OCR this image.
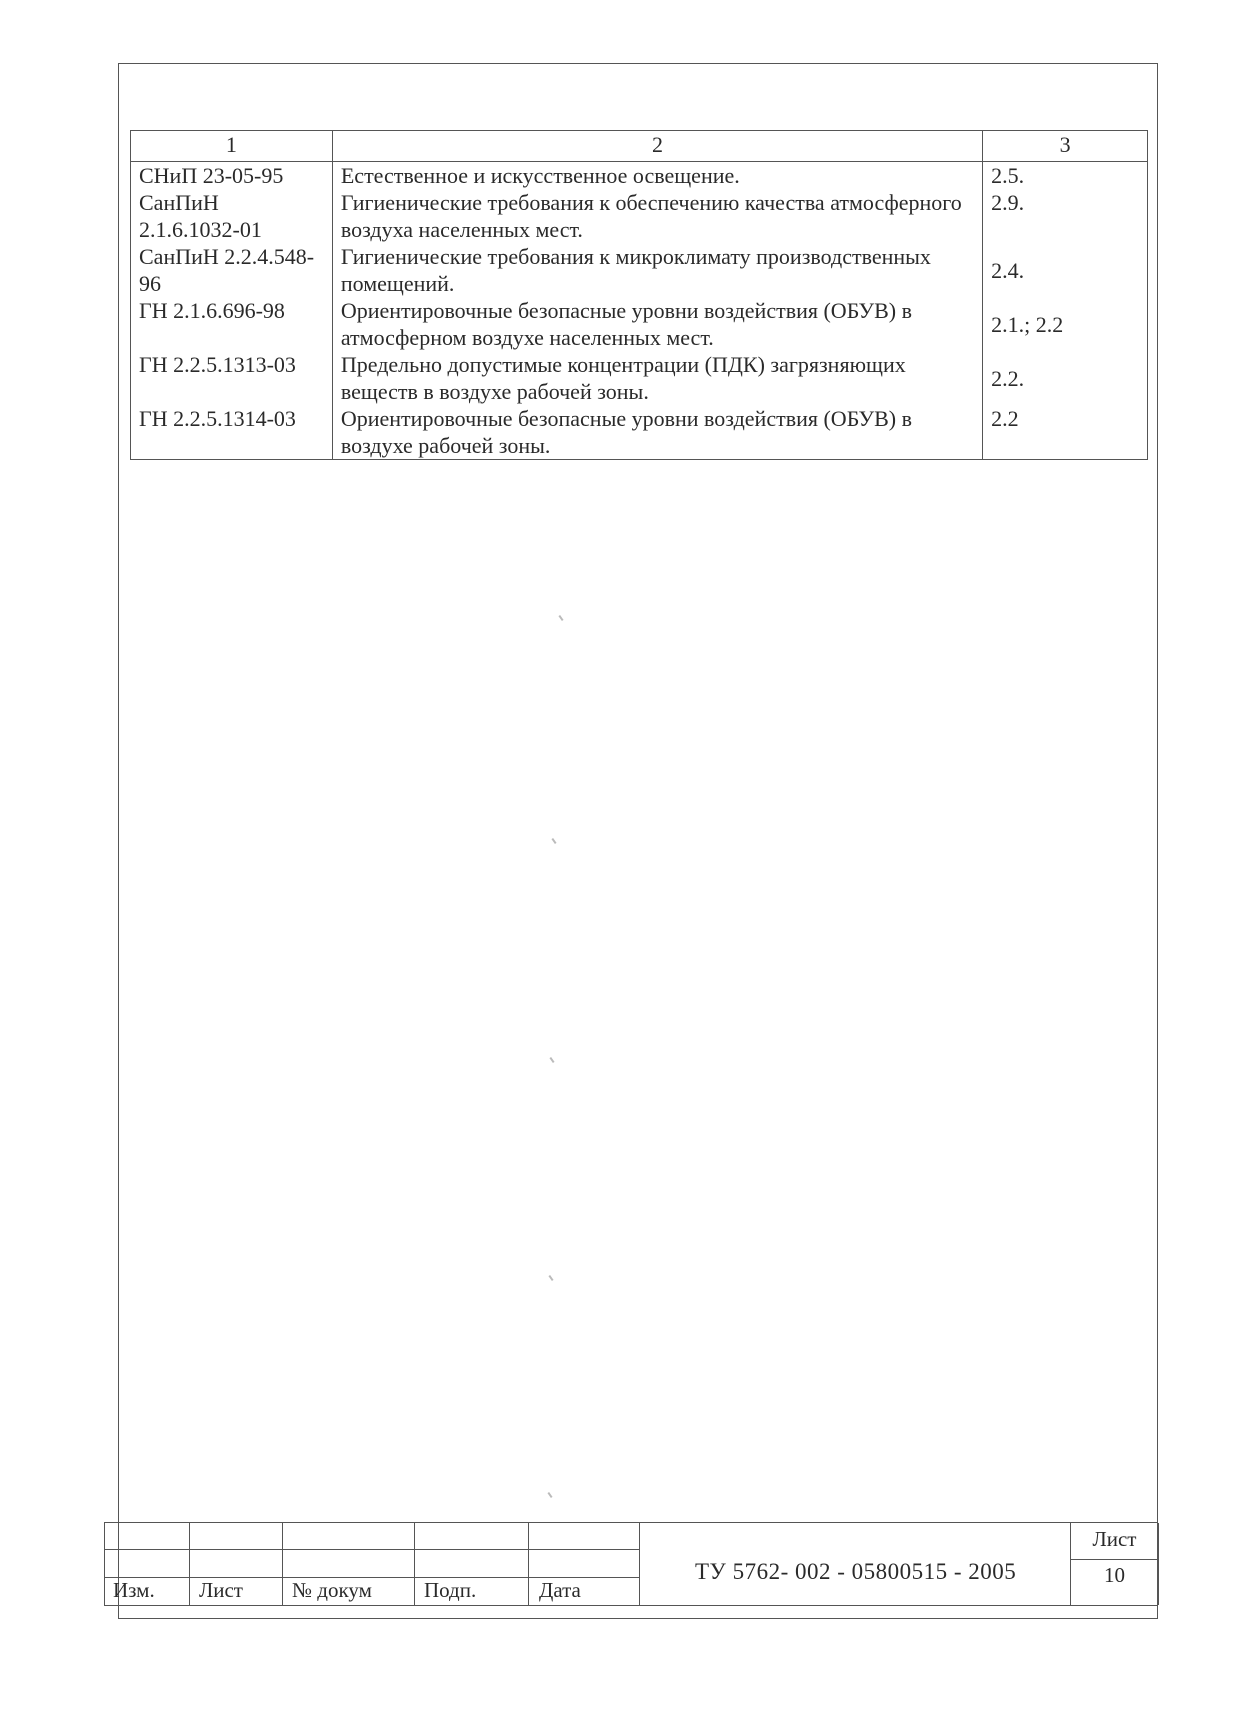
1	2	3
СНиП 23-05-95	Естественное и искусственное освещение.	2.5.
СанПиН 2.1.6.1032-01	Гигиенические требования к обеспечению качества атмосферного воздуха населенных мест.	2.9.
СанПиН 2.2.4.548-96	Гигиенические требования к микроклимату производственных помещений.	2.4.
ГН 2.1.6.696-98	Ориентировочные безопасные уровни воздействия (ОБУВ) в атмосферном воздухе населенных мест.	2.1.; 2.2
ГН 2.2.5.1313-03	Предельно допустимые концентрации (ПДК) загрязняющих веществ в воздухе рабочей зоны.	2.2.
ГН 2.2.5.1314-03	Ориентировочные безопасные уровни воздействия (ОБУВ) в воздухе рабочей зоны.	2.2
Изм. Лист № докум Подп.	Дата
ТУ 5762- 002 - 05800515 - 2005
Лист
10
